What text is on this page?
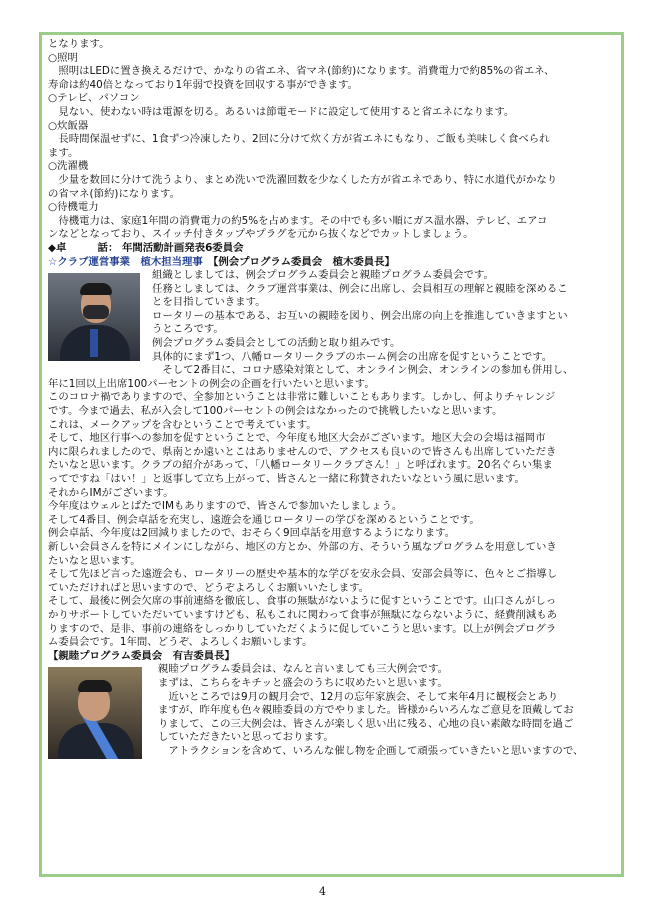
となります。
○照明
　照明はLEDに置き換えるだけで、かなりの省エネ、省マネ(節約)になります。消費電力で約85%の省エネ、
寿命は約40倍となっており1年弱で投資を回収する事ができます。
○テレビ、パソコン
　見ない、使わない時は電源を切る。あるいは節電モードに設定して使用すると省エネになります。
○炊飯器
　長時間保温せずに、1食ずつ冷凍したり、2回に分けて炊く方が省エネにもなり、ご飯も美味しく食べられ
ます。
○洗濯機
　少量を数回に分けて洗うより、まとめ洗いで洗濯回数を少なくした方が省エネであり、特に水道代がかなり
の省マネ(節約)になります。
○待機電力
　待機電力は、家庭1年間の消費電力の約5%を占めます。その中でも多い順にガス温水器、テレビ、エアコ
ンなどとなっており、スイッチ付きタップやプラグを元から抜くなどでカットしましょう。
◆卓　　　話： 年間活動計画発表6委員会
☆クラブ運営事業　植木担当理事　【例会プログラム委員会　植木委員長】
組織としましては、例会プログラム委員会と親睦プログラム委員会です。
任務としましては、クラブ運営事業は、例会に出席し、会員相互の理解と親睦を深めるこ
とを目指していきます。
ロータリーの基本である、お互いの親睦を図り、例会出席の向上を推進していきますとい
うところです。
例会プログラム委員会としての活動と取り組みです。
具体的にまず1つ、八幡ロータリークラブのホーム例会の出席を促すということです。
　そして2番目に、コロナ感染対策として、オンライン例会、オンラインの参加も併用し、
年に1回以上出席100パーセントの例会の企画を行いたいと思います。
このコロナ禍でありますので、全参加ということは非常に難しいこともあります。しかし、何よりチャレンジ
です。今まで過去、私が入会して100パーセントの例会はなかったので挑戦したいなと思います。
これは、メークアップを含むということで考えています。
そして、地区行事への参加を促すということで、今年度も地区大会がございます。地区大会の会場は福岡市
内に限られましたので、県南とか遠いとこはありませんので、アクセスも良いので皆さんも出席していただき
たいなと思います。クラブの紹介があって、「八幡ロータリークラブさん！」と呼ばれます。20名ぐらい集ま
ってですね「はい！」と返事して立ち上がって、皆さんと一緒に称賛されたいなという風に思います。
それからIMがございます。
今年度はウェルとぱたでIMもありますので、皆さんで参加いたしましょう。
そして4番目、例会卓話を充実し、遠遊会を通じロータリーの学びを深めるということです。
例会卓話、今年度は2回減りましたので、おそらく9回卓話を用意するようになります。
新しい会員さんを特にメインにしながら、地区の方とか、外部の方、そういう風なプログラムを用意していき
たいなと思います。
そして先ほど言った遠遊会も、ロータリーの歴史や基本的な学びを安永会員、安部会員等に、色々とご指導し
ていただければと思いますので、どうぞよろしくお願いいたします。
そして、最後に例会欠席の事前連絡を徹底し、食事の無駄がないように促すということです。山口さんがしっ
かりサポートしていただいていますけども、私もこれに関わって食事が無駄にならないように、経費削減もあ
りますので、是非、事前の連絡をしっかりしていただくように促していこうと思います。以上が例会プログラ
ム委員会です。1年間、どうぞ、よろしくお願いします。
【親睦プログラム委員会　有吉委員長】
親睦プログラム委員会は、なんと言いましても三大例会です。
まずは、こちらをキチッと盛会のうちに収めたいと思います。
　近いところでは9月の観月会で、12月の忘年家族会、そして来年4月に観桜会とあり
ますが、昨年度も色々親睦委員の方でやりました。皆様からいろんなご意見を頂戴してお
りまして、この三大例会は、皆さんが楽しく思い出に残る、心地の良い素敵な時間を過ご
していただきたいと思っております。
　アトラクションを含めて、いろんな催し物を企画して頑張っていきたいと思いますので、
4
